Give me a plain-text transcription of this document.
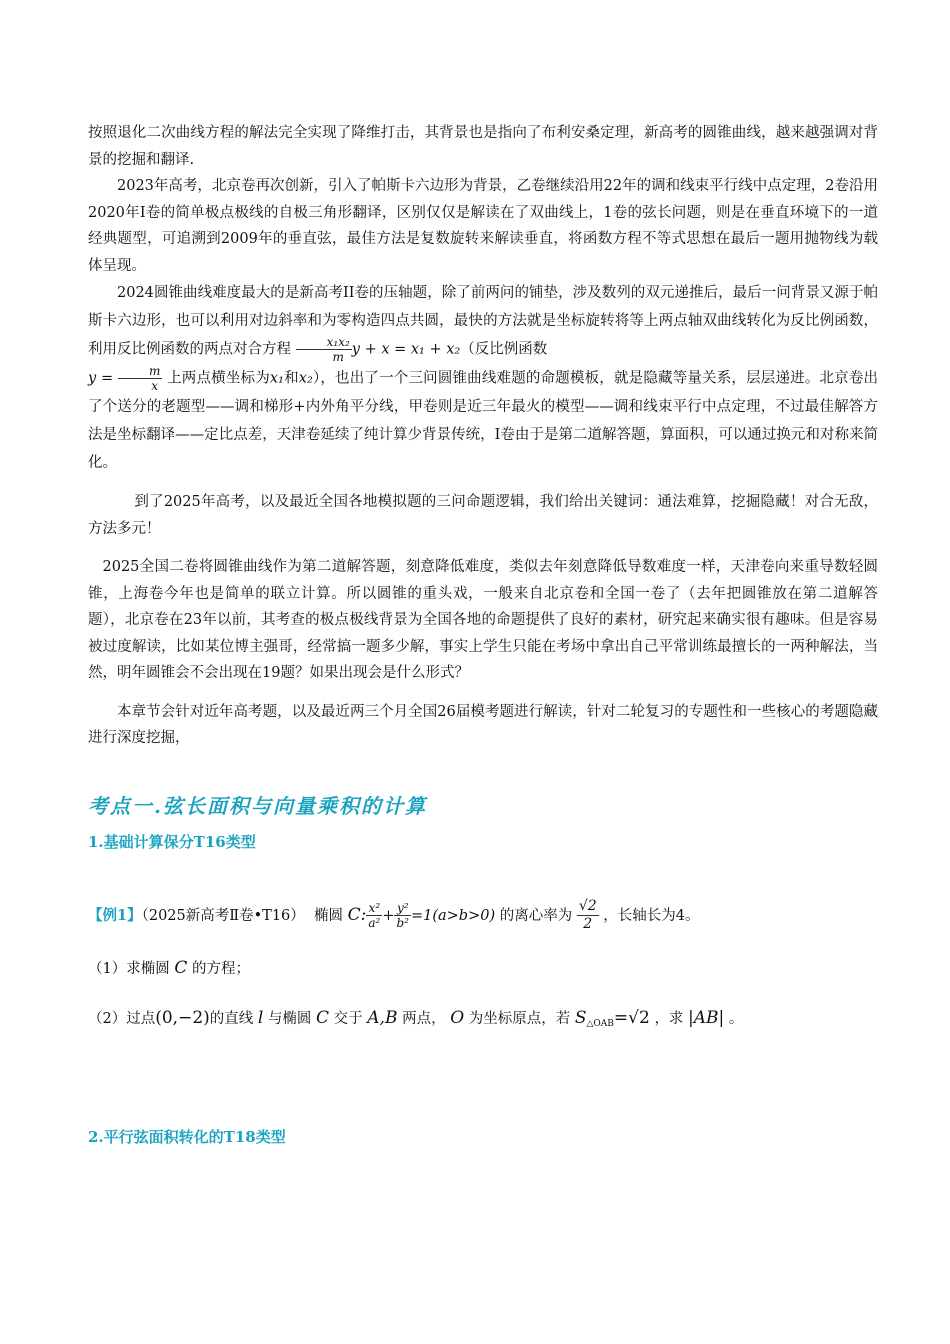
按照退化二次曲线方程的解法完全实现了降维打击，其背景也是指向了布利安桑定理，新高考的圆锥曲线，越来越强调对背景的挖掘和翻译.

2023年高考，北京卷再次创新，引入了帕斯卡六边形为背景，乙卷继续沿用22年的调和线束平行线中点定理，2卷沿用2020年Ⅰ卷的简单极点极线的自极三角形翻译，区别仅仅是解读在了双曲线上，1卷的弦长问题，则是在垂直环境下的一道经典题型，可追溯到2009年的垂直弦，最佳方法是复数旋转来解读垂直，将函数方程不等式思想在最后一题用抛物线为载体呈现。

2024圆锥曲线难度最大的是新高考II卷的压轴题，除了前两问的铺垫，涉及数列的双元递推后，最后一问背景又源于帕斯卡六边形，也可以利用对边斜率和为零构造四点共圆，最快的方法就是坐标旋转将等上两点轴双曲线转化为反比例函数，利用反比例函数的两点对合方程 $\frac{\text{x₁x₂}}{m}$ y + x = x₁ + x₂（反比例函数
$y = \frac{m}{x}$ 上两点横坐标为x₁和x₂），也出了一个三问圆锥曲线难题的命题模板，就是隐藏等量关系，层层递进。北京卷出了个送分的老题型——调和梯形+内外角平分线，甲卷则是近三年最火的模型——调和线束平行中点定理，不过最佳解答方法是坐标翻译——定比点差，天津卷延续了纯计算少背景传统，Ⅰ卷由于是第二道解答题，算面积，可以通过换元和对称来简化。

到了2025年高考，以及最近全国各地模拟题的三问命题逻辑，我们给出关键词：通法难算，挖掘隐藏！对合无敌，方法多元！

2025全国二卷将圆锥曲线作为第二道解答题，刻意降低难度，类似去年刻意降低导数难度一样，天津卷向来重导数轻圆锥，上海卷今年也是简单的联立计算。所以圆锥的重头戏，一般来自北京卷和全国一卷了（去年把圆锥放在第二道解答题），北京卷在23年以前，其考查的极点极线背景为全国各地的命题提供了良好的素材，研究起来确实很有趣味。但是容易被过度解读，比如某位博主强哥，经常搞一题多少解，事实上学生只能在考场中拿出自己平常训练最擅长的一两种解法，当然，明年圆锥会不会出现在19题？如果出现会是什么形式？

本章节会针对近年高考题，以及最近两三个月全国26届模考题进行解读，针对二轮复习的专题性和一些核心的考题隐藏进行深度挖掘，

考点一.弦长面积与向量乘积的计算
1.基础计算保分T16类型

【例1】（2025新高考Ⅱ卷•T16） 椭圆 C: $\frac{\text{x²}}{\text{a²}} + \frac{\text{y²}}{\text{b²}} =1(a>b>0)$ 的离心率为 $\frac{√2}{2}$ ，长轴长为4。

（1）求椭圆 C 的方程；

（2）过点(0,−2)的直线 l 与椭圆 C 交于 A,B 两点， O 为坐标原点，若 $S_{\triangle OAB}=√2$ ，求 |AB| 。

2.平行弦面积转化的T18类型
